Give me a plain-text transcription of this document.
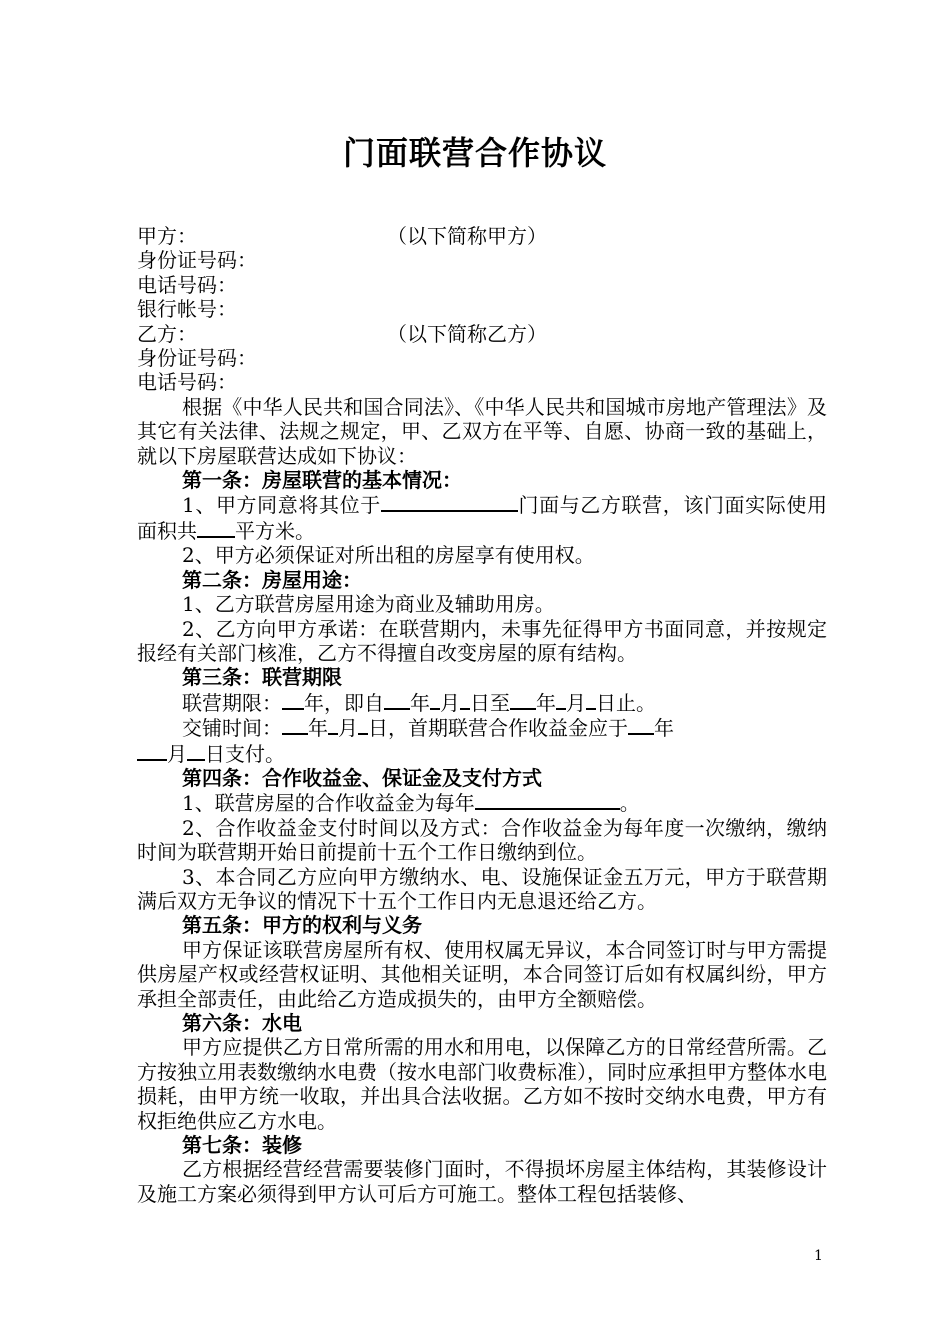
门面联营合作协议
甲方：	（以下简称甲方）
身份证号码：
电话号码：
银行帐号：
乙方：	（以下简称乙方）
身份证号码：
电话号码：

根据《中华人民共和国合同法》、《中华人民共和国城市房地产管理法》及其它有关法律、法规之规定，甲、乙双方在平等、自愿、协商一致的基础上，就以下房屋联营达成如下协议：

第一条：房屋联营的基本情况：

1、甲方同意将其位于	门面与乙方联营，该门面实际使用面积共 平方米。

2、甲方必须保证对所出租的房屋享有使用权。

第二条：房屋用途：

1、乙方联营房屋用途为商业及辅助用房。

2、乙方向甲方承诺：在联营期内，未事先征得甲方书面同意，并按规定报经有关部门核准，乙方不得擅自改变房屋的原有结构。

第三条：联营期限

联营期限： 年，即自 年 月 日至 年 月 日止。

交铺时间： 年 月 日，首期联营合作收益金应于 年
月 日支付。

第四条：合作收益金、保证金及支付方式

1、联营房屋的合作收益金为每年	。

2、合作收益金支付时间以及方式：合作收益金为每年度一次缴纳，缴纳时间为联营期开始日前提前十五个工作日缴纳到位。

3、本合同乙方应向甲方缴纳水、电、设施保证金五万元，甲方于联营期满后双方无争议的情况下十五个工作日内无息退还给乙方。

第五条：甲方的权利与义务

甲方保证该联营房屋所有权、使用权属无异议，本合同签订时与甲方需提供房屋产权或经营权证明、其他相关证明，本合同签订后如有权属纠纷，甲方承担全部责任，由此给乙方造成损失的，由甲方全额赔偿。

第六条：水电

甲方应提供乙方日常所需的用水和用电，以保障乙方的日常经营所需。乙方按独立用表数缴纳水电费（按水电部门收费标准），同时应承担甲方整体水电损耗，由甲方统一收取，并出具合法收据。乙方如不按时交纳水电费，甲方有权拒绝供应乙方水电。

第七条：装修

乙方根据经营经营需要装修门面时，不得损坏房屋主体结构，其装修设计及施工方案必须得到甲方认可后方可施工。整体工程包括装修、

1
